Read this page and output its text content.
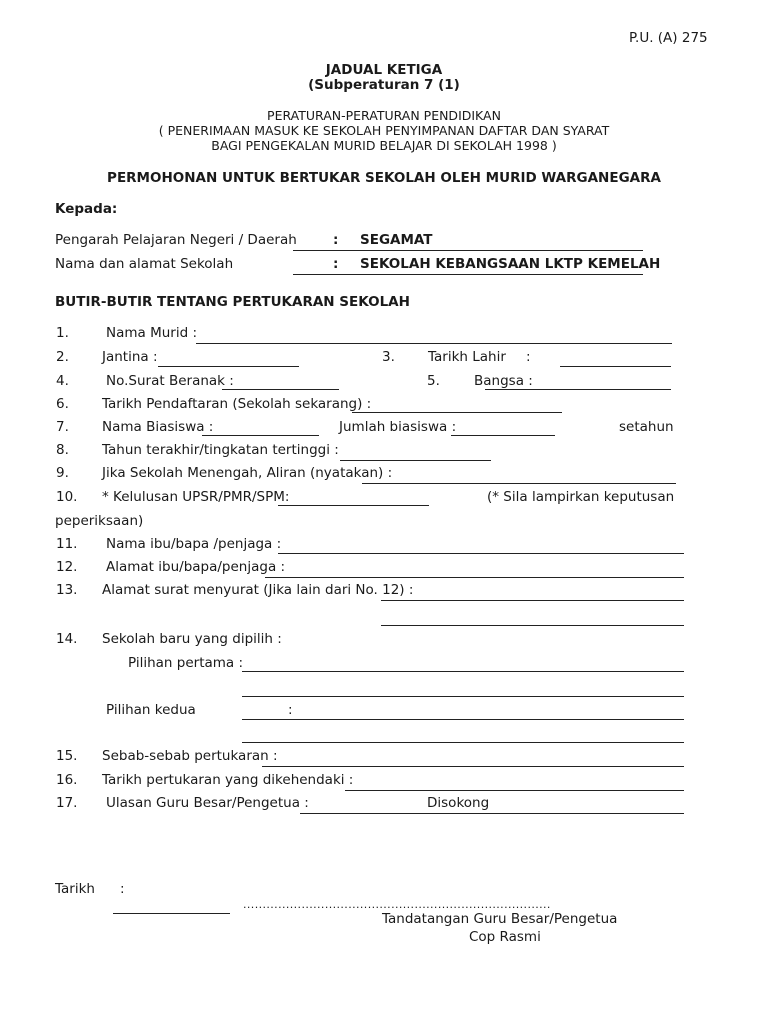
P.U. (A) 275
JADUAL KETIGA
(Subperaturan 7 (1)
PERATURAN-PERATURAN PENDIDIKAN
( PENERIMAAN MASUK KE SEKOLAH PENYIMPANAN DAFTAR DAN SYARAT
BAGI PENGEKALAN MURID BELAJAR DI SEKOLAH 1998 )
PERMOHONAN UNTUK BERTUKAR SEKOLAH OLEH MURID WARGANEGARA
Kepada:
Pengarah Pelajaran Negeri / Daerah	: SEGAMAT
Nama dan alamat Sekolah	: SEKOLAH KEBANGSAAN LKTP KEMELAH
BUTIR-BUTIR TENTANG PERTUKARAN SEKOLAH
1.	Nama Murid :
2. Jantina :	3. Tarikh Lahir :
4.	No.Surat Beranak :	5.	Bangsa :
6. Tarikh Pendaftaran (Sekolah sekarang) :
7. Nama Biasiswa :	Jumlah biasiswa :	setahun
8. Tahun terakhir/tingkatan tertinggi :
9. Jika Sekolah Menengah, Aliran (nyatakan) :
10. * Kelulusan UPSR/PMR/SPM:	(* Sila lampirkan keputusan
peperiksaan)
11. Nama ibu/bapa /penjaga :
12. Alamat ibu/bapa/penjaga :
13. Alamat surat menyurat (Jika lain dari No. 12) :
14. Sekolah baru yang dipilih :
Pilihan pertama :
Pilihan kedua	:
15. Sebab-sebab pertukaran :
16. Tarikh pertukaran yang dikehendaki :
17. Ulasan Guru Besar/Pengetua :	Disokong
Tarikh :
...............................................................................
Tandatangan Guru Besar/Pengetua
Cop Rasmi
